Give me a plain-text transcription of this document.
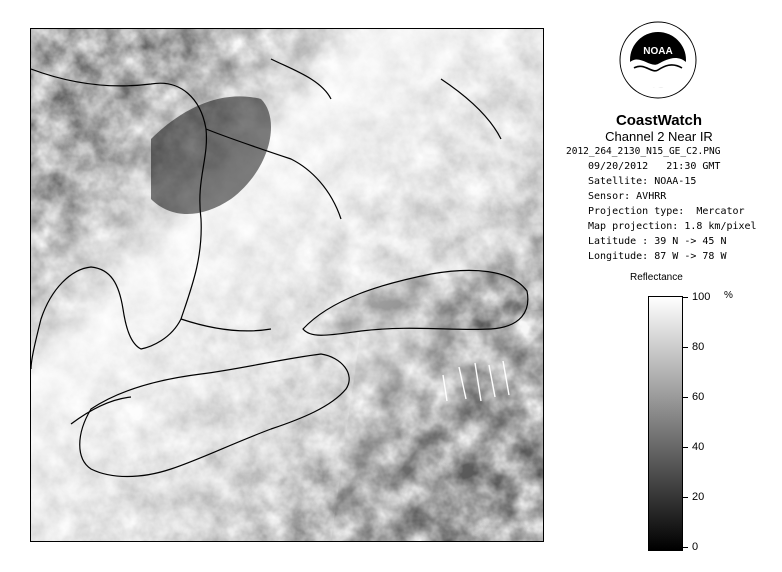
NOAA
CoastWatch
Channel 2 Near IR
2012_264_2130_N15_GE_C2.PNG
09/20/2012   21:30 GMT
Satellite: NOAA-15
Sensor: AVHRR
Projection type:  Mercator
Map projection: 1.8 km/pixel
Latitude : 39 N -> 45 N
Longitude: 87 W -> 78 W
Reflectance
%
100
80
60
40
20
0
